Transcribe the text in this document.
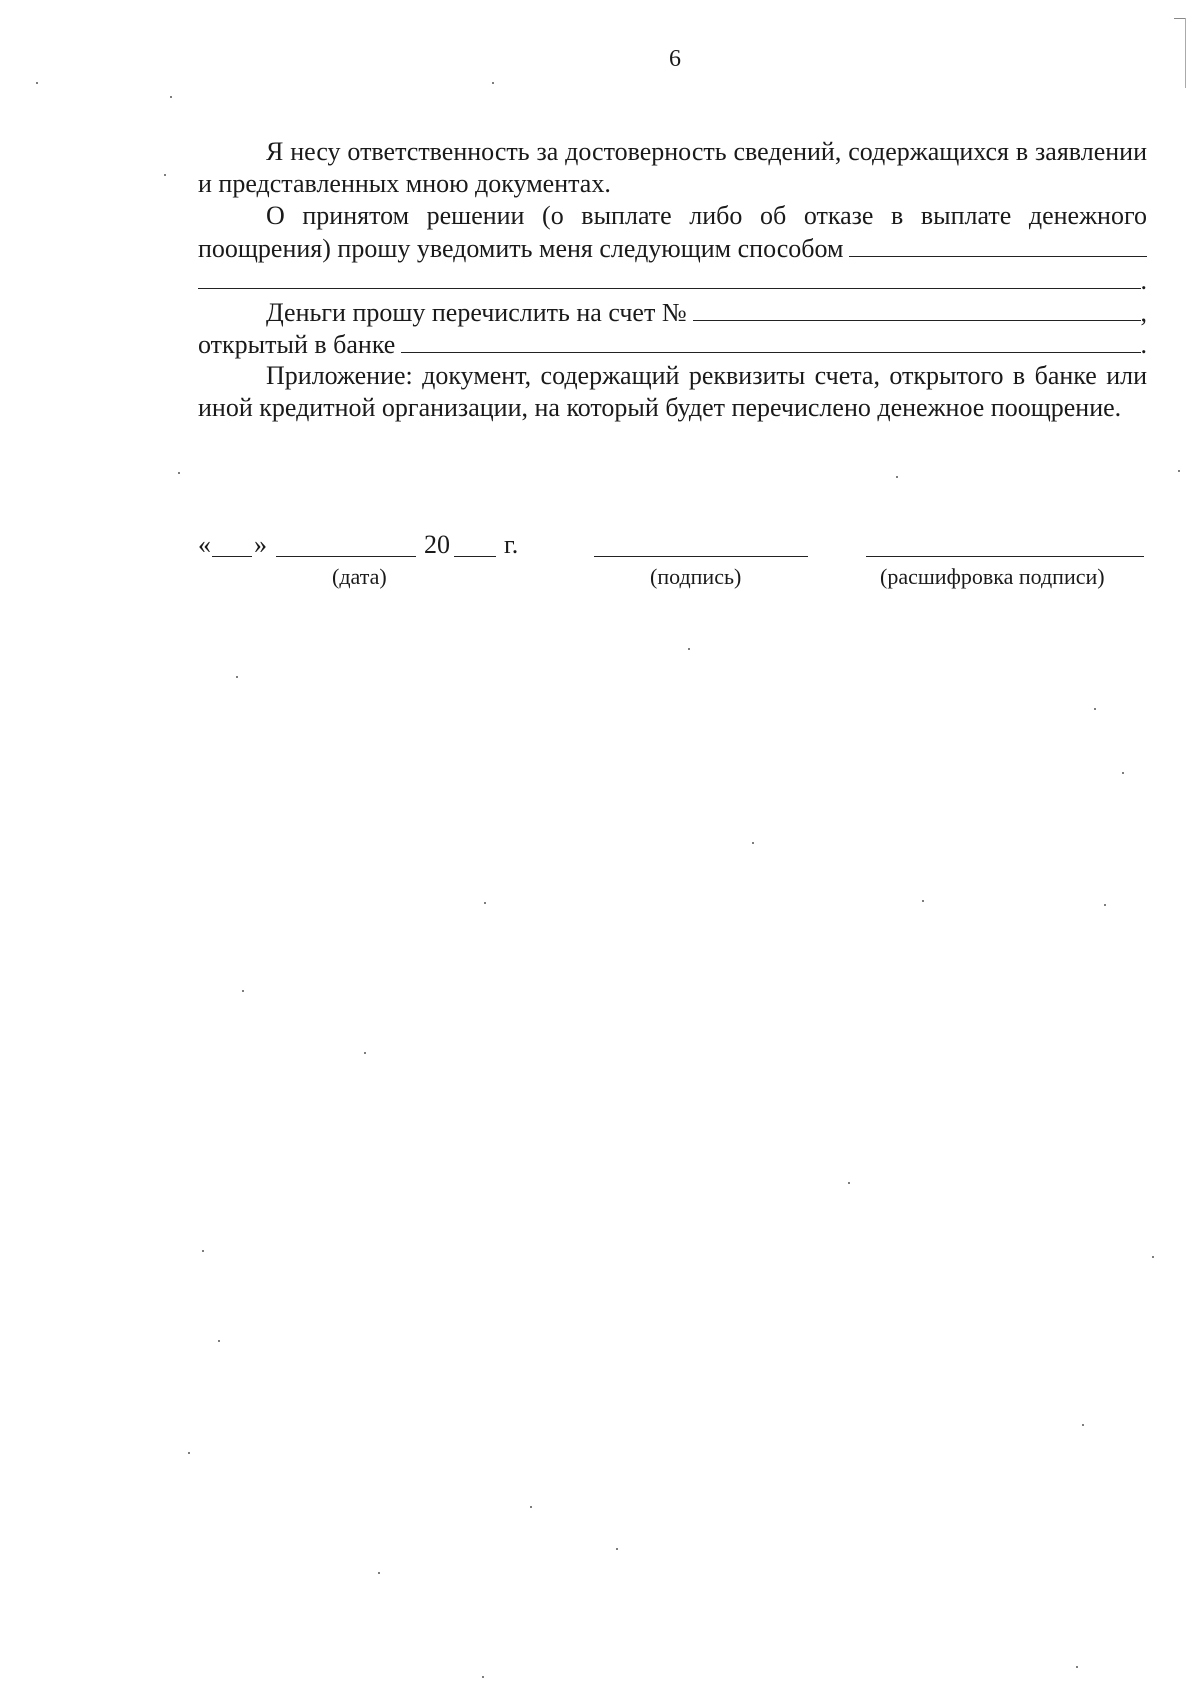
6

Я несу ответственность за достоверность сведений, содержащихся в заявлении и представленных мною документах.

О принятом решении (о выплате либо об отказе в выплате денежного
поощрения) прошу уведомить меня следующим способом
.
Деньги прошу перечислить на счет №	,
открытый в банке	.

Приложение: документ, содержащий реквизиты счета, открытого в банке или иной кредитной организации, на который будет перечислено денежное поощрение.

« »	20 г.
(дата)	(подпись)	(расшифровка подписи)
